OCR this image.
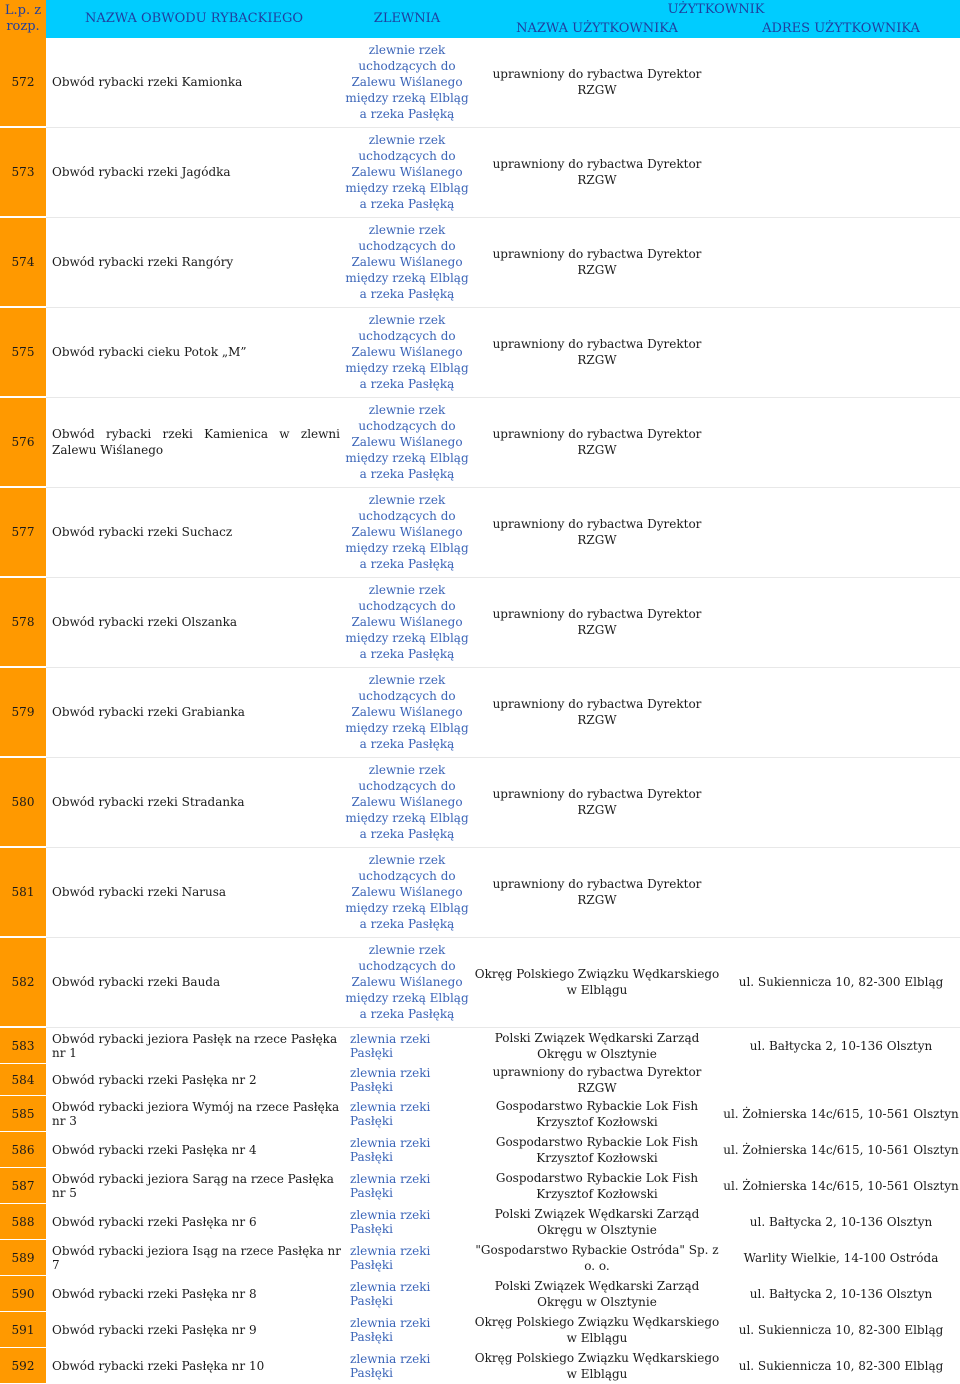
L.p. z rozp.	NAZWA OBWODU RYBACKIEGO	ZLEWNIA	UŻYTKOWNIK	
			NAZWA UŻYTKOWNIKA	ADRES UŻYTKOWNIKA
572	Obwód rybacki rzeki Kamionka	zlewnie rzek uchodzących do Zalewu Wiślanego między rzeką Elbląg a rzeka Pasłęką	uprawniony do rybactwa Dyrektor RZGW	
573	Obwód rybacki rzeki Jagódka	zlewnie rzek uchodzących do Zalewu Wiślanego między rzeką Elbląg a rzeka Pasłęką	uprawniony do rybactwa Dyrektor RZGW	
574	Obwód rybacki rzeki Rangóry	zlewnie rzek uchodzących do Zalewu Wiślanego między rzeką Elbląg a rzeka Pasłęką	uprawniony do rybactwa Dyrektor RZGW	
575	Obwód rybacki cieku Potok „M”	zlewnie rzek uchodzących do Zalewu Wiślanego między rzeką Elbląg a rzeka Pasłęką	uprawniony do rybactwa Dyrektor RZGW	
576	Obwód rybacki rzeki Kamienica w zlewni Zalewu Wiślanego	zlewnie rzek uchodzących do Zalewu Wiślanego między rzeką Elbląg a rzeka Pasłęką	uprawniony do rybactwa Dyrektor RZGW	
577	Obwód rybacki rzeki Suchacz	zlewnie rzek uchodzących do Zalewu Wiślanego między rzeką Elbląg a rzeka Pasłęką	uprawniony do rybactwa Dyrektor RZGW	
578	Obwód rybacki rzeki Olszanka	zlewnie rzek uchodzących do Zalewu Wiślanego między rzeką Elbląg a rzeka Pasłęką	uprawniony do rybactwa Dyrektor RZGW	
579	Obwód rybacki rzeki Grabianka	zlewnie rzek uchodzących do Zalewu Wiślanego między rzeką Elbląg a rzeka Pasłęką	uprawniony do rybactwa Dyrektor RZGW	
580	Obwód rybacki rzeki Stradanka	zlewnie rzek uchodzących do Zalewu Wiślanego między rzeką Elbląg a rzeka Pasłęką	uprawniony do rybactwa Dyrektor RZGW	
581	Obwód rybacki rzeki Narusa	zlewnie rzek uchodzących do Zalewu Wiślanego między rzeką Elbląg a rzeka Pasłęką	uprawniony do rybactwa Dyrektor RZGW	
582	Obwód rybacki rzeki Bauda	zlewnie rzek uchodzących do Zalewu Wiślanego między rzeką Elbląg a rzeka Pasłęką	Okręg Polskiego Związku Wędkarskiego w Elblągu	ul. Sukiennicza 10, 82-300 Elbląg
583	Obwód rybacki jeziora Pasłęk na rzece Pasłęka nr 1	zlewnia rzeki Pasłęki	Polski Związek Wędkarski Zarząd Okręgu w Olsztynie	ul. Bałtycka 2, 10-136 Olsztyn
584	Obwód rybacki rzeki Pasłęka nr 2	zlewnia rzeki Pasłęki	uprawniony do rybactwa Dyrektor RZGW	
585	Obwód rybacki jeziora Wymój na rzece Pasłęka nr 3	zlewnia rzeki Pasłęki	Gospodarstwo Rybackie Lok Fish Krzysztof Kozłowski	ul. Żołnierska 14c/615, 10-561 Olsztyn
586	Obwód rybacki rzeki Pasłęka nr 4	zlewnia rzeki Pasłęki	Gospodarstwo Rybackie Lok Fish Krzysztof Kozłowski	ul. Żołnierska 14c/615, 10-561 Olsztyn
587	Obwód rybacki jeziora Sarąg na rzece Pasłęka nr 5	zlewnia rzeki Pasłęki	Gospodarstwo Rybackie Lok Fish Krzysztof Kozłowski	ul. Żołnierska 14c/615, 10-561 Olsztyn
588	Obwód rybacki rzeki Pasłęka nr 6	zlewnia rzeki Pasłęki	Polski Związek Wędkarski Zarząd Okręgu w Olsztynie	ul. Bałtycka 2, 10-136 Olsztyn
589	Obwód rybacki jeziora Isąg na rzece Pasłęka nr 7	zlewnia rzeki Pasłęki	"Gospodarstwo Rybackie Ostróda" Sp. z o. o.	Warlity Wielkie, 14-100 Ostróda
590	Obwód rybacki rzeki Pasłęka nr 8	zlewnia rzeki Pasłęki	Polski Związek Wędkarski Zarząd Okręgu w Olsztynie	ul. Bałtycka 2, 10-136 Olsztyn
591	Obwód rybacki rzeki Pasłęka nr 9	zlewnia rzeki Pasłęki	Okręg Polskiego Związku Wędkarskiego w Elblągu	ul. Sukiennicza 10, 82-300 Elbląg
592	Obwód rybacki rzeki Pasłęka nr 10	zlewnia rzeki Pasłęki	Okręg Polskiego Związku Wędkarskiego w Elblągu	ul. Sukiennicza 10, 82-300 Elbląg
